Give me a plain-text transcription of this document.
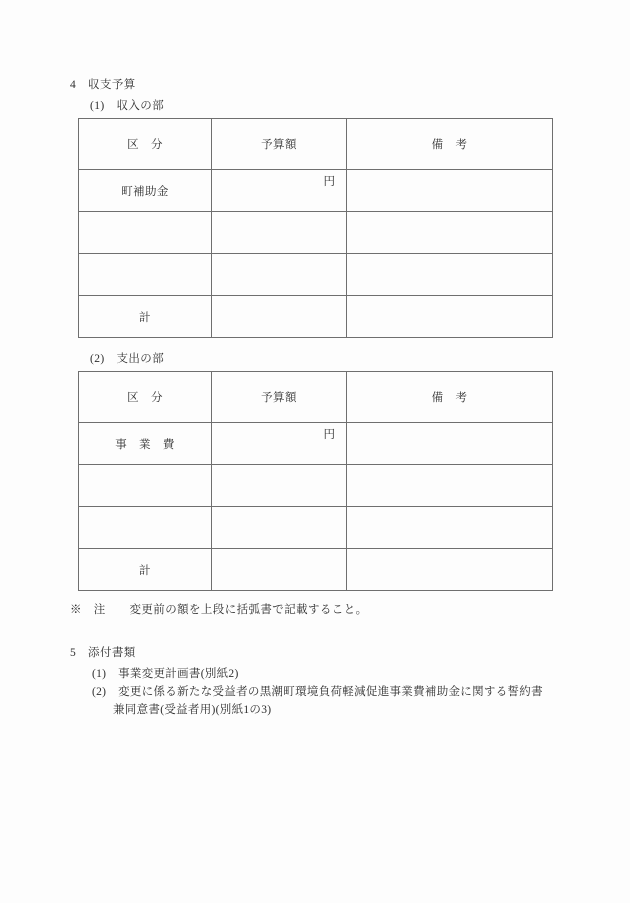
4　収支予算
(1)　収入の部
区　分	予算額	備　考
町補助金	円	

計		
(2)　支出の部
区　分	予算額	備　考
事　業　費	円	

計		
※　注　　変更前の額を上段に括弧書で記載すること。
5　添付書類
(1)　事業変更計画書(別紙2)
(2)　変更に係る新たな受益者の黒潮町環境負荷軽減促進事業費補助金に関する誓約書
兼同意書(受益者用)(別紙1の3)
